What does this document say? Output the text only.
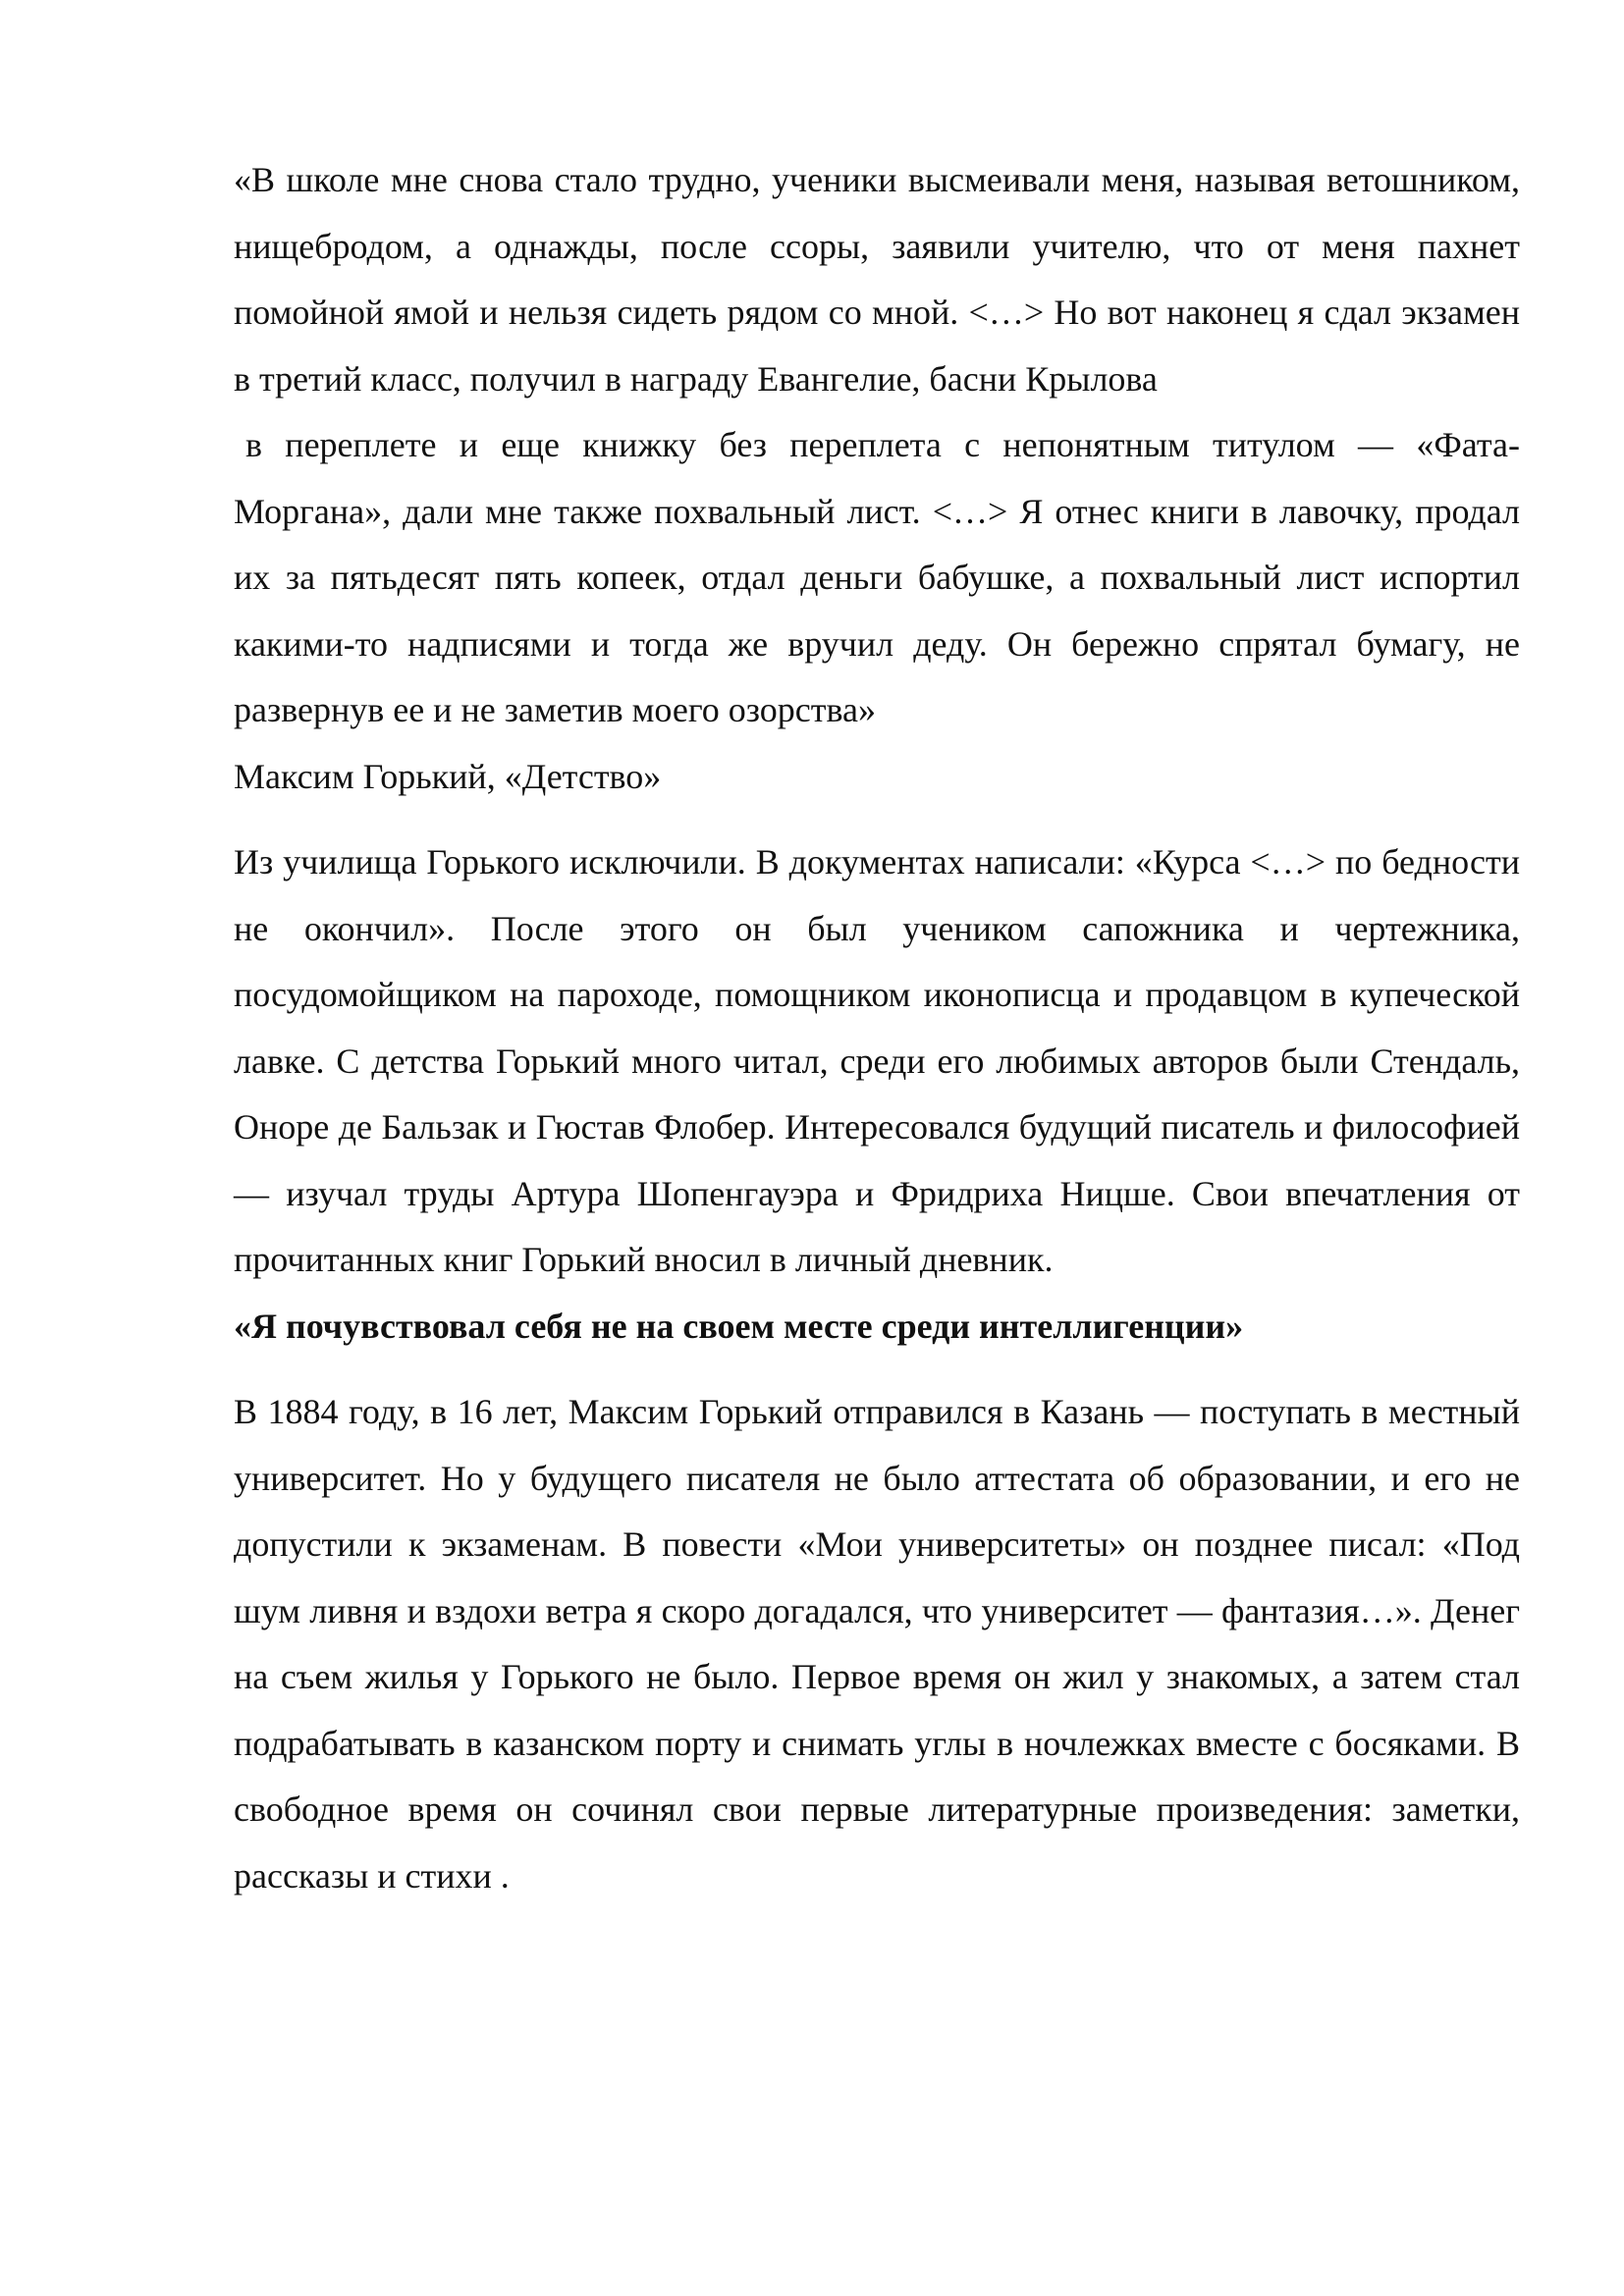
«В школе мне снова стало трудно, ученики высмеивали меня, называя ветошником, нищебродом, а однажды, после ссоры, заявили учителю, что от меня пахнет помойной ямой и нельзя сидеть рядом со мной. <…> Но вот наконец я сдал экзамен в третий класс, получил в награду Евангелие, басни Крылова

в переплете и еще книжку без переплета с непонятным титулом — «Фата-Моргана», дали мне также похвальный лист. <…> Я отнес книги в лавочку, продал их за пятьдесят пять копеек, отдал деньги бабушке, а похвальный лист испортил какими-то надписями и тогда же вручил деду. Он бережно спрятал бумагу, не развернув ее и не заметив моего озорства»

Максим Горький, «Детство»

Из училища Горького исключили. В документах написали: «Курса <…> по бедности не окончил». После этого он был учеником сапожника и чертежника, посудомойщиком на пароходе, помощником иконописца и продавцом в купеческой лавке. С детства Горький много читал, среди его любимых авторов были Стендаль, Оноре де Бальзак и Гюстав Флобер. Интересовался будущий писатель и философией — изучал труды Артура Шопенгауэра и Фридриха Ницше. Свои впечатления от прочитанных книг Горький вносил в личный дневник.

«Я почувствовал себя не на своем месте среди интеллигенции»

В 1884 году, в 16 лет, Максим Горький отправился в Казань — поступать в местный университет. Но у будущего писателя не было аттестата об образовании, и его не допустили к экзаменам. В повести «Мои университеты» он позднее писал: «Под шум ливня и вздохи ветра я скоро догадался, что университет — фантазия…». Денег на съем жилья у Горького не было. Первое время он жил у знакомых, а затем стал подрабатывать в казанском порту и снимать углы в ночлежках вместе с босяками. В свободное время он сочинял свои первые литературные произведения: заметки, рассказы и стихи .
